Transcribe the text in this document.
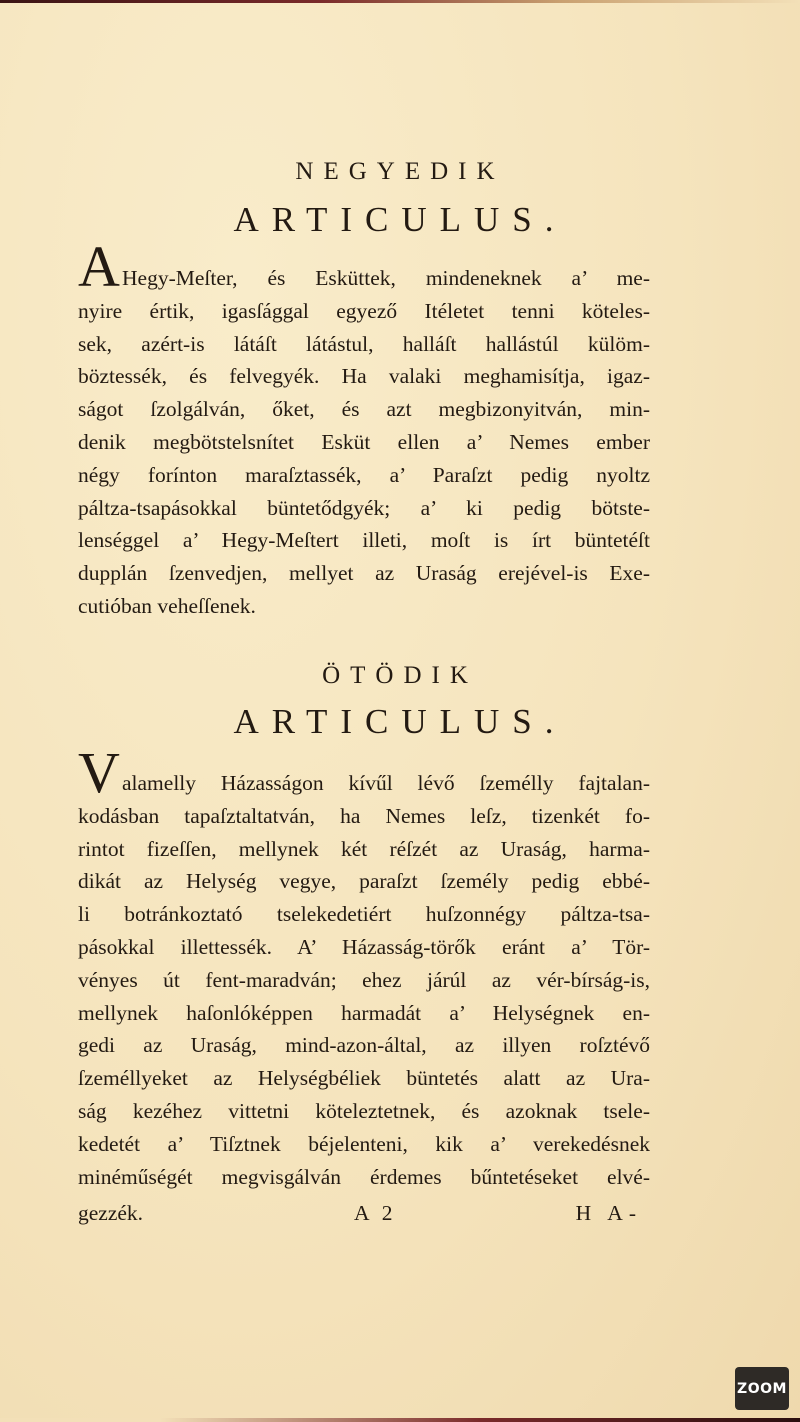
NEGYEDIK
ARTICULUS.
A Hegy-Meſter, és Esküttek, mindeneknek a’ me-
nyire értik, igasſággal egyező Itéletet tenni köteles-
sek, azért-is látáſt látástul, halláſt hallástúl külöm-
böztessék, és felvegyék. Ha valaki meghamisítja, igaz-
ságot ſzolgálván, őket, és azt megbizonyitván, min-
denik megbötstelsnítet Esküt ellen a’ Nemes ember
négy forínton maraſztassék, a’ Paraſzt pedig nyoltz
páltza-tsapásokkal büntetődgyék; a’ ki pedig bötste-
lenséggel a’ Hegy-Meſtert illeti, moſt is írt büntetéſt
dupplán ſzenvedjen, mellyet az Uraság erejével-is Exe-
cutióban veheſſenek.
ÖTÖDIK
ARTICULUS.
V alamelly Házasságon kívűl lévő ſzemélly fajtalan-
kodásban tapaſztaltatván, ha Nemes leſz, tizenkét fo-
rintot fizeſſen, mellynek két réſzét az Uraság, harma-
dikát az Helység vegye, paraſzt ſzemély pedig ebbé-
li botránkoztató tselekedetiért huſzonnégy páltza-tsa-
pásokkal illettessék. A’ Házasság-törők eránt a’ Tör-
vényes út fent-maradván; ehez járúl az vér-bírság-is,
mellynek haſonlóképpen harmadát a’ Helységnek en-
gedi az Uraság, mind-azon-által, az illyen roſztévő
ſzeméllyeket az Helységbéliek büntetés alatt az Ura-
ság kezéhez vittetni köteleztetnek, és azoknak tsele-
kedetét a’ Tiſztnek béjelenteni, kik a’ verekedésnek
minéműségét megvisgálván érdemes bűntetéseket elvé-
gezzék.	A 2	H A-
ZOOM
